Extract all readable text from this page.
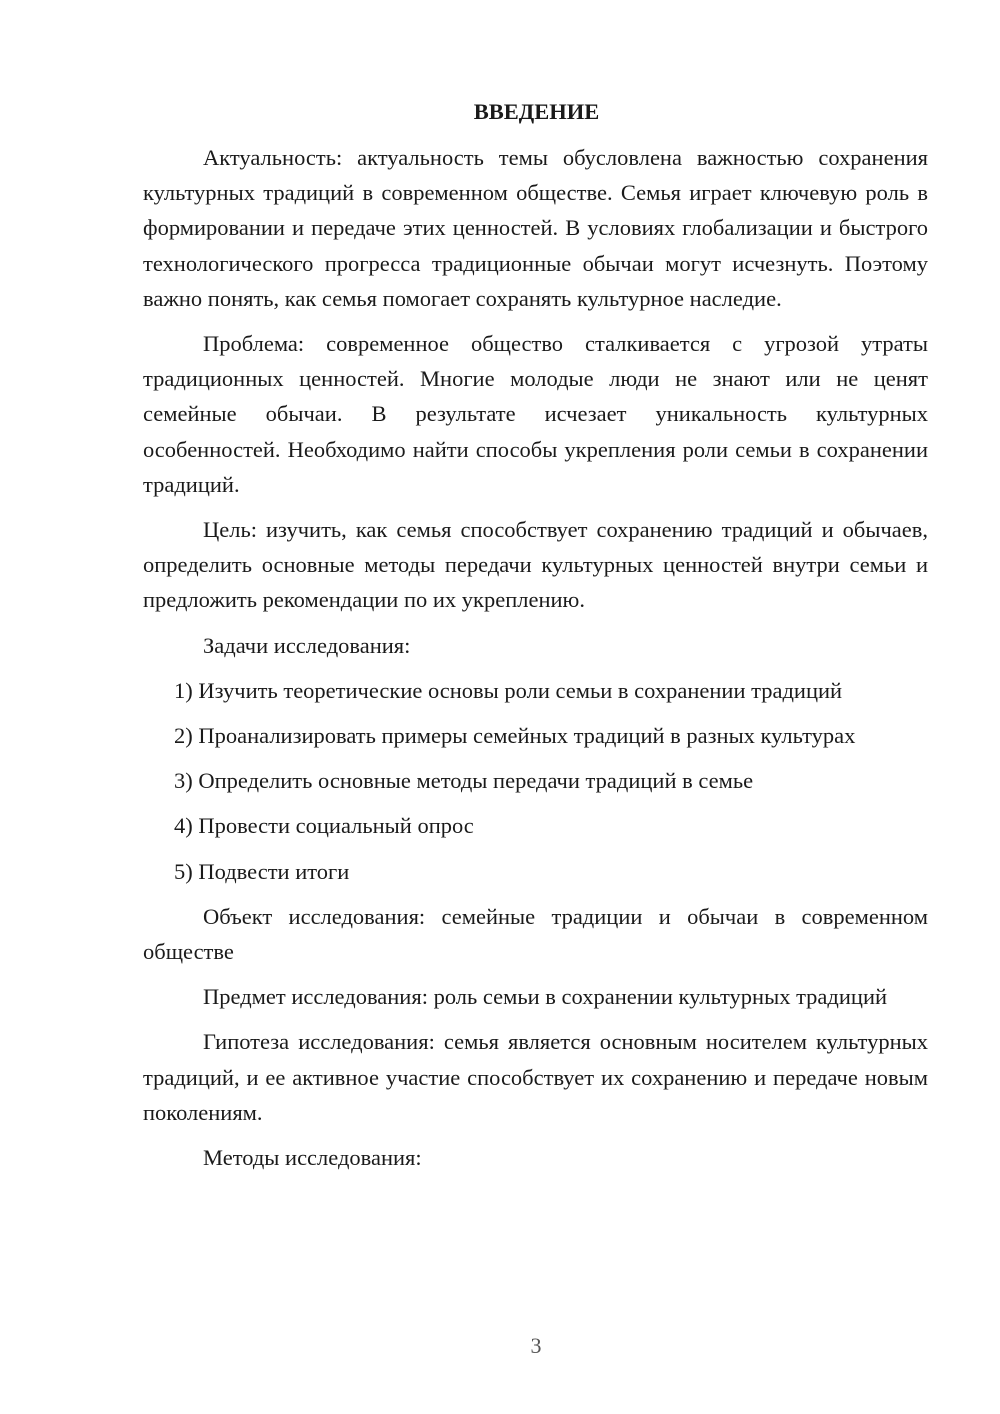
ВВЕДЕНИЕ

Актуальность: актуальность темы обусловлена важностью сохранения культурных традиций в современном обществе. Семья играет ключевую роль в формировании и передаче этих ценностей. В условиях глобализации и быстрого технологического прогресса традиционные обычаи могут исчезнуть. Поэтому важно понять, как семья помогает сохранять культурное наследие.

Проблема: современное общество сталкивается с угрозой утраты традиционных ценностей. Многие молодые люди не знают или не ценят семейные обычаи. В результате исчезает уникальность культурных особенностей. Необходимо найти способы укрепления роли семьи в сохранении традиций.

Цель: изучить, как семья способствует сохранению традиций и обычаев, определить основные методы передачи культурных ценностей внутри семьи и предложить рекомендации по их укреплению.

Задачи исследования:

1) Изучить теоретические основы роли семьи в сохранении традиций

2) Проанализировать примеры семейных традиций в разных культурах

3) Определить основные методы передачи традиций в семье

4) Провести социальный опрос

5) Подвести итоги

Объект исследования: семейные традиции и обычаи в современном обществе

Предмет исследования: роль семьи в сохранении культурных традиций

Гипотеза исследования: семья является основным носителем культурных традиций, и ее активное участие способствует их сохранению и передаче новым поколениям.

Методы исследования:

3
